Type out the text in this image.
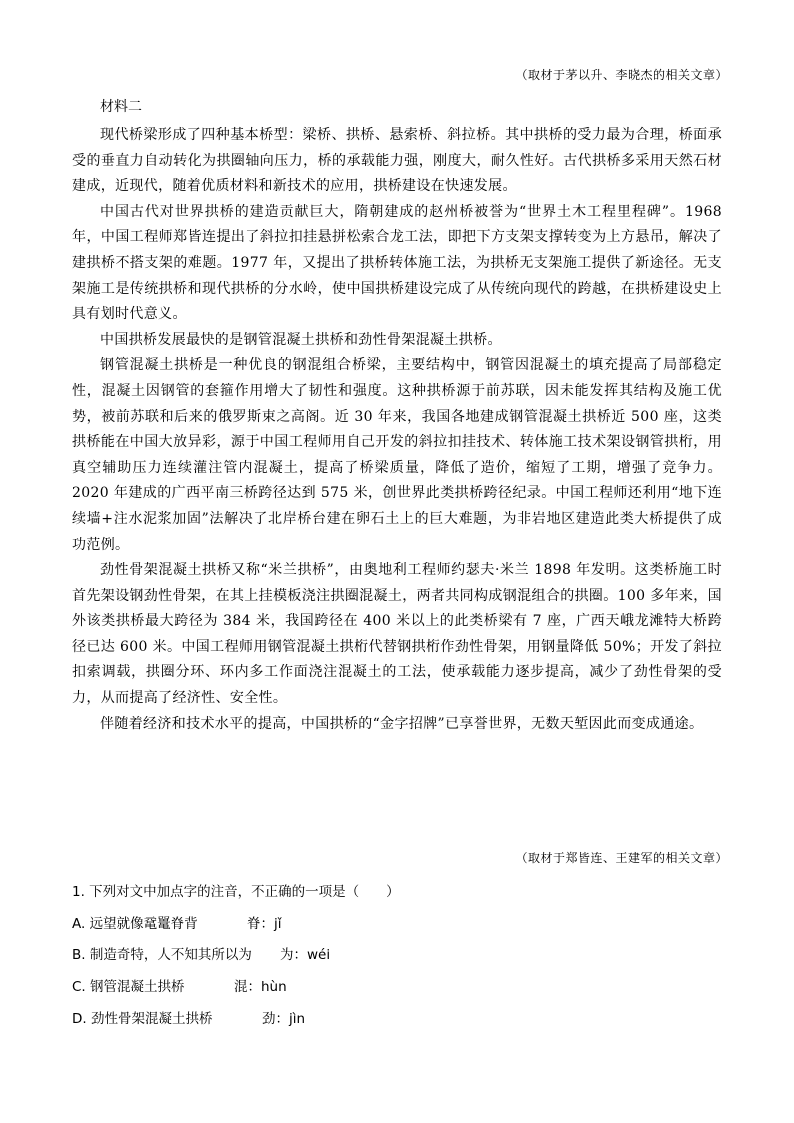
（取材于茅以升、李晓杰的相关文章）
材料二

现代桥梁形成了四种基本桥型：梁桥、拱桥、悬索桥、斜拉桥。其中拱桥的受力最为合理，桥面承受的垂直力自动转化为拱圈轴向压力，桥的承载能力强，刚度大，耐久性好。古代拱桥多采用天然石材建成，近现代，随着优质材料和新技术的应用，拱桥建设在快速发展。

中国古代对世界拱桥的建造贡献巨大，隋朝建成的赵州桥被誉为“世界土木工程里程碑”。1968 年，中国工程师郑皆连提出了斜拉扣挂悬拼松索合龙工法，即把下方支架支撑转变为上方悬吊，解决了建拱桥不搭支架的难题。1977 年，又提出了拱桥转体施工法，为拱桥无支架施工提供了新途径。无支架施工是传统拱桥和现代拱桥的分水岭，使中国拱桥建设完成了从传统向现代的跨越，在拱桥建设史上具有划时代意义。

中国拱桥发展最快的是钢管混凝土拱桥和劲性骨架混凝土拱桥。

钢管混凝土拱桥是一种优良的钢混组合桥梁，主要结构中，钢管因混凝土的填充提高了局部稳定性，混凝土因钢管的套箍作用增大了韧性和强度。这种拱桥源于前苏联，因未能发挥其结构及施工优势，被前苏联和后来的俄罗斯束之高阁。近 30 年来，我国各地建成钢管混凝土拱桥近 500 座，这类拱桥能在中国大放异彩，源于中国工程师用自己开发的斜拉扣挂技术、转体施工技术架设钢管拱桁，用真空辅助压力连续灌注管内混凝土，提高了桥梁质量，降低了造价，缩短了工期，增强了竞争力。2020 年建成的广西平南三桥跨径达到 575 米，创世界此类拱桥跨径纪录。中国工程师还利用“地下连续墙+注水泥浆加固”法解决了北岸桥台建在卵石土上的巨大难题，为非岩地区建造此类大桥提供了成功范例。

劲性骨架混凝土拱桥又称“米兰拱桥”，由奥地利工程师约瑟夫·米兰 1898 年发明。这类桥施工时首先架设钢劲性骨架，在其上挂模板浇注拱圈混凝土，两者共同构成钢混组合的拱圈。100 多年来，国外该类拱桥最大跨径为 384 米，我国跨径在 400 米以上的此类桥梁有 7 座，广西天峨龙滩特大桥跨径已达 600 米。中国工程师用钢管混凝土拱桁代替钢拱桁作劲性骨架，用钢量降低 50%；开发了斜拉扣索调载，拱圈分环、环内多工作面浇注混凝土的工法，使承载能力逐步提高，减少了劲性骨架的受力，从而提高了经济性、安全性。

伴随着经济和技术水平的提高，中国拱桥的“金字招牌”已享誉世界，无数天堑因此而变成通途。

（取材于郑皆连、王建军的相关文章）
1. 下列对文中加点字的注音，不正确的一项是（　　）
A. 远望就像鼋鼍脊背	脊：jǐ
B. 制造奇特，人不知其所以为 为：wéi
C. 钢管混凝土拱桥	混：hùn
D. 劲性骨架混凝土拱桥	劲：jìn
